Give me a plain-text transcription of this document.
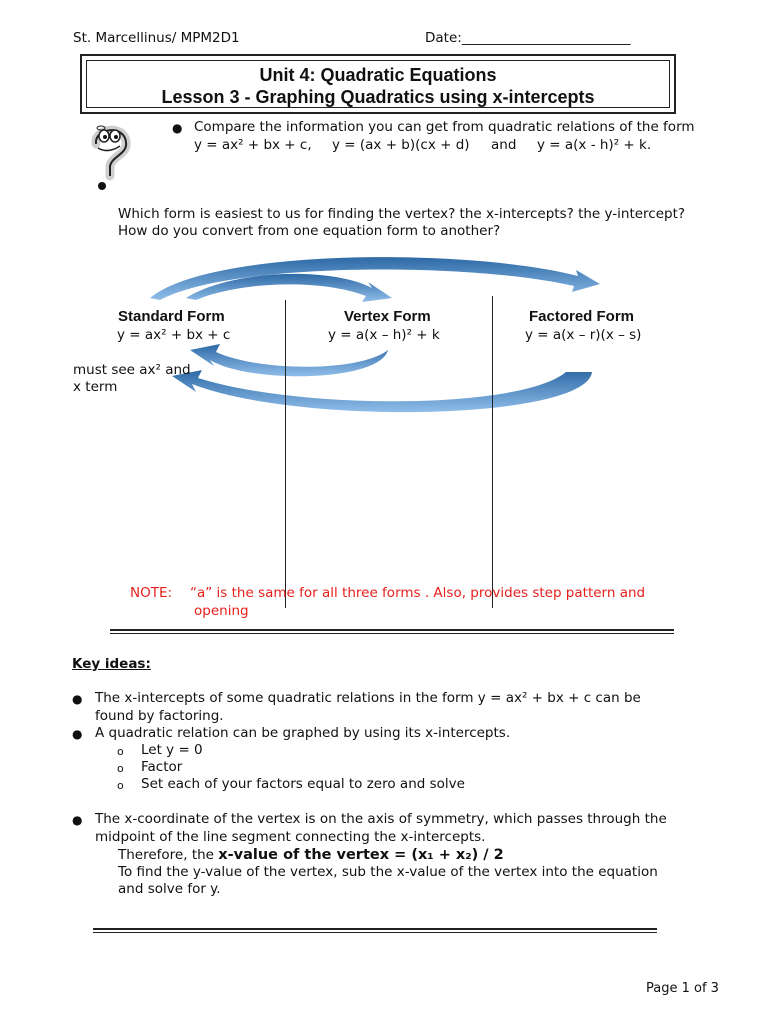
St. Marcellinus/ MPM2D1	Date:_________________________
Unit 4: Quadratic Equations
Lesson 3 - Graphing Quadratics using x-intercepts
● Compare the information you can get from quadratic relations of the form
y = ax² + bx + c, y = (ax + b)(cx + d) and y = a(x - h)² + k.
Which form is easiest to us for finding the vertex? the x-intercepts? the y-intercept?
How do you convert from one equation form to another?
Standard Form
y = ax² + bx + c
Vertex Form
y = a(x – h)² + k
Factored Form
y = a(x – r)(x – s)
must see ax² and
x term
NOTE: “a” is the same for all three forms . Also, provides step pattern and
opening
Key ideas:
● The x-intercepts of some quadratic relations in the form y = ax² + bx + c can be
found by factoring.
● A quadratic relation can be graphed by using its x-intercepts.
o Let y = 0
o Factor
o Set each of your factors equal to zero and solve
● The x-coordinate of the vertex is on the axis of symmetry, which passes through the
midpoint of the line segment connecting the x-intercepts.
Therefore, the x-value of the vertex = (x₁ + x₂) / 2
To find the y-value of the vertex, sub the x-value of the vertex into the equation
and solve for y.
Page 1 of 3
